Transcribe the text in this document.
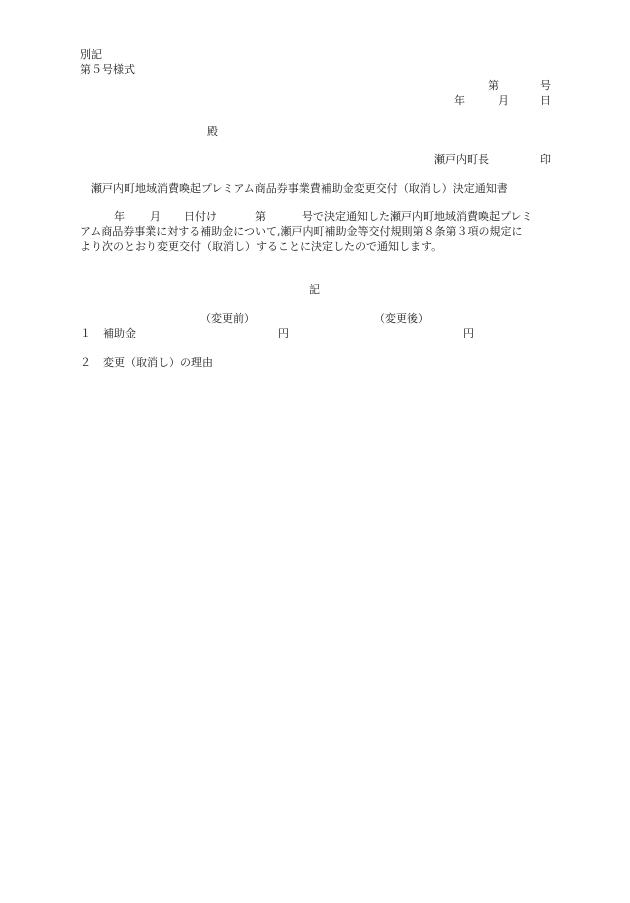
別記
第５号様式
第	号
年	月	日
殿
瀬戸内町長	印
瀬戸内町地域消費喚起プレミアム商品券事業費補助金変更交付（取消し）決定通知書
年 月 日付け	第	号で決定通知した瀬戸内町地域消費喚起プレミ
アム商品券事業に対する補助金について,瀬戸内町補助金等交付規則第８条第３項の規定に
より次のとおり変更交付（取消し）することに決定したので通知します。
記
（変更前）	（変更後）
１ 補助金	円	円
２ 変更（取消し）の理由
